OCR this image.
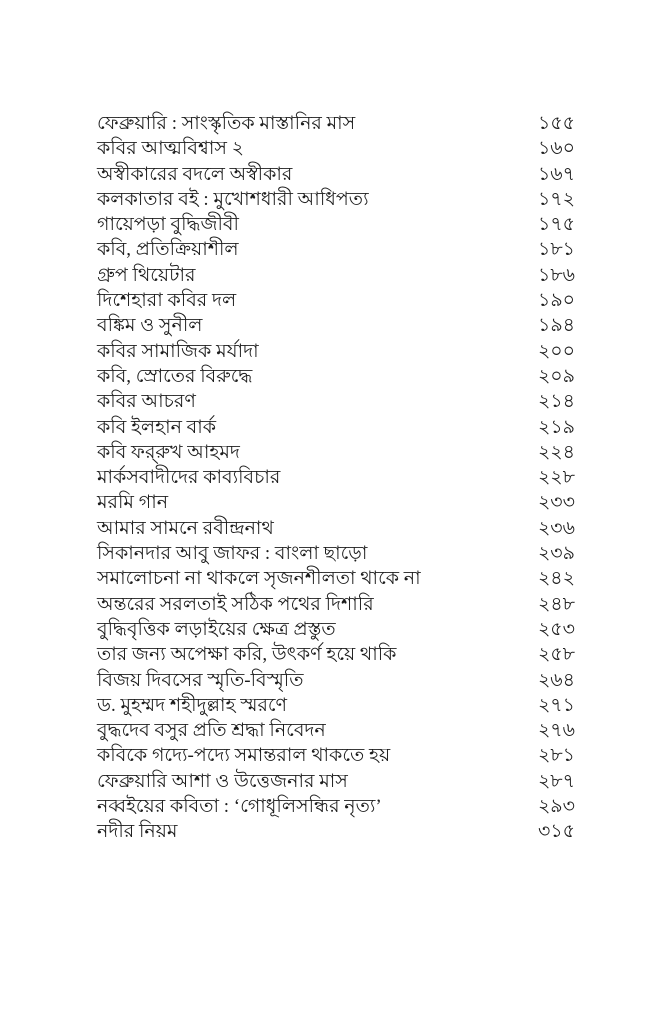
ফেব্রুয়ারি : সাংস্কৃতিক মাস্তানির মাস	১৫৫
কবির আত্মবিশ্বাস ২	১৬০
অস্বীকারের বদলে অস্বীকার	১৬৭
কলকাতার বই : মুখোশধারী আধিপত্য	১৭২
গায়েপড়া বুদ্ধিজীবী	১৭৫
কবি, প্রতিক্রিয়াশীল	১৮১
গ্রুপ থিয়েটার	১৮৬
দিশেহারা কবির দল	১৯০
বঙ্কিম ও সুনীল	১৯৪
কবির সামাজিক মর্যাদা	২০০
কবি, স্রোতের বিরুদ্ধে	২০৯
কবির আচরণ	২১৪
কবি ইলহান বার্ক	২১৯
কবি ফর্‌রুখ আহমদ	২২৪
মার্কসবাদীদের কাব্যবিচার	২২৮
মরমি গান	২৩৩
আমার সামনে রবীন্দ্রনাথ	২৩৬
সিকানদার আবু জাফর : বাংলা ছাড়ো	২৩৯
সমালোচনা না থাকলে সৃজনশীলতা থাকে না	২৪২
অন্তরের সরলতাই সঠিক পথের দিশারি	২৪৮
বুদ্ধিবৃত্তিক লড়াইয়ের ক্ষেত্র প্রস্তুত	২৫৩
তার জন্য অপেক্ষা করি, উৎকর্ণ হয়ে থাকি	২৫৮
বিজয় দিবসের স্মৃতি-বিস্মৃতি	২৬৪
ড. মুহম্মদ শহীদুল্লাহ স্মরণে	২৭১
বুদ্ধদেব বসুর প্রতি শ্রদ্ধা নিবেদন	২৭৬
কবিকে গদ্যে-পদ্যে সমান্তরাল থাকতে হয়	২৮১
ফেব্রুয়ারি আশা ও উত্তেজনার মাস	২৮৭
নব্বইয়ের কবিতা : ‘গোধূলিসন্ধির নৃত্য’	২৯৩
নদীর নিয়ম	৩১৫
